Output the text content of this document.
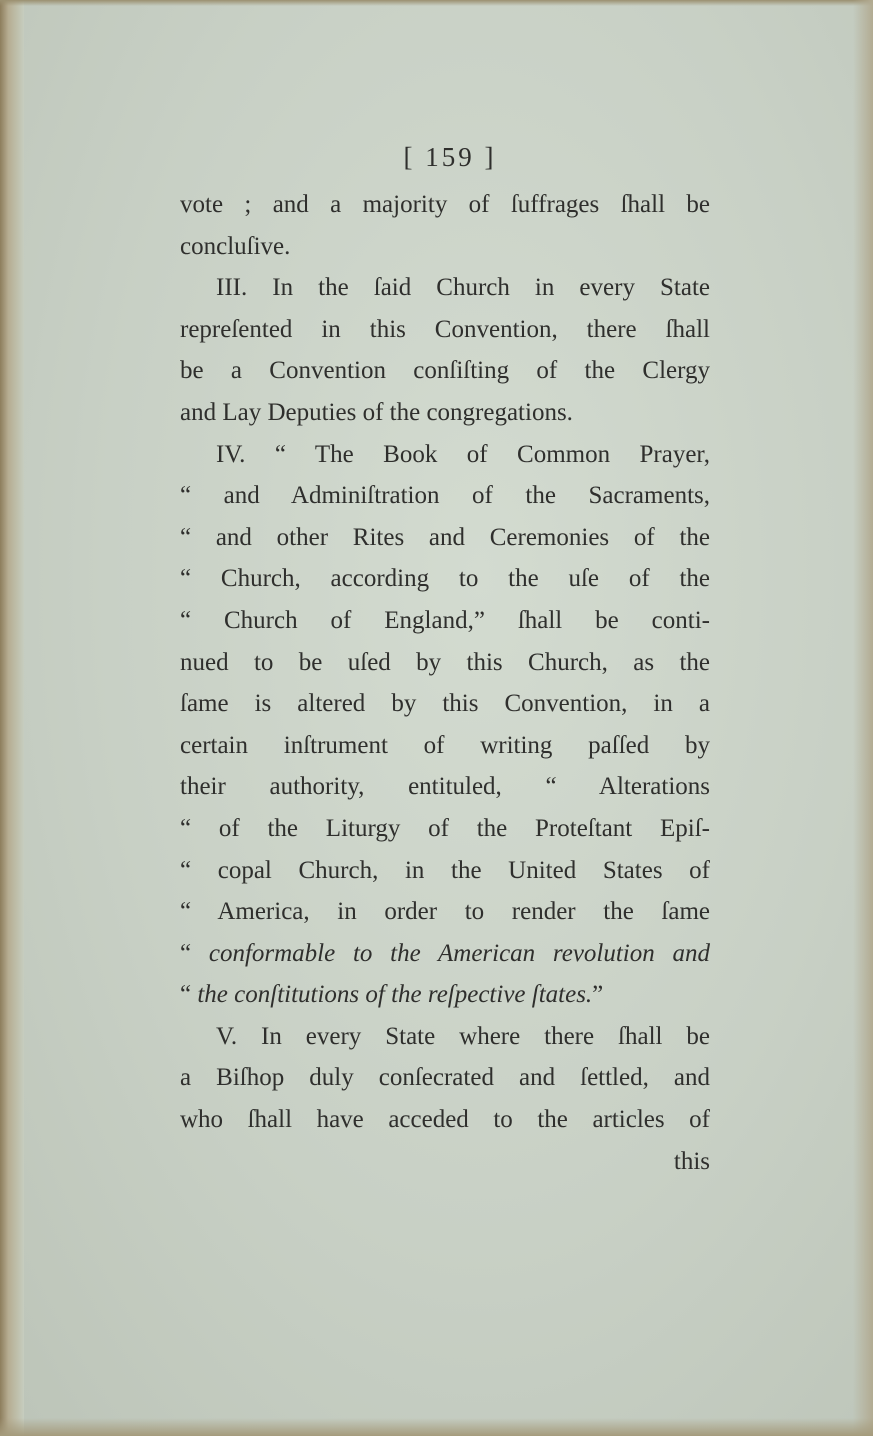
[ 159 ]
vote ; and a majority of ſuffrages ſhall be
concluſive.
III. In the ſaid Church in every State
repreſented in this Convention, there ſhall
be a Convention conſiſting of the Clergy
and Lay Deputies of the congregations.
IV. “ The Book of Common Prayer,
“ and Adminiſtration of the Sacraments,
“ and other Rites and Ceremonies of the
“ Church, according to the uſe of the
“ Church of England,” ſhall be conti-
nued to be uſed by this Church, as the
ſame is altered by this Convention, in a
certain inſtrument of writing paſſed by
their authority, entituled, “ Alterations
“ of the Liturgy of the Proteſtant Epiſ-
“ copal Church, in the United States of
“ America, in order to render the ſame
“ conformable to the American revolution and
“ the conſtitutions of the reſpective ſtates.”
V. In every State where there ſhall be
a Biſhop duly conſecrated and ſettled, and
who ſhall have acceded to the articles of
this
